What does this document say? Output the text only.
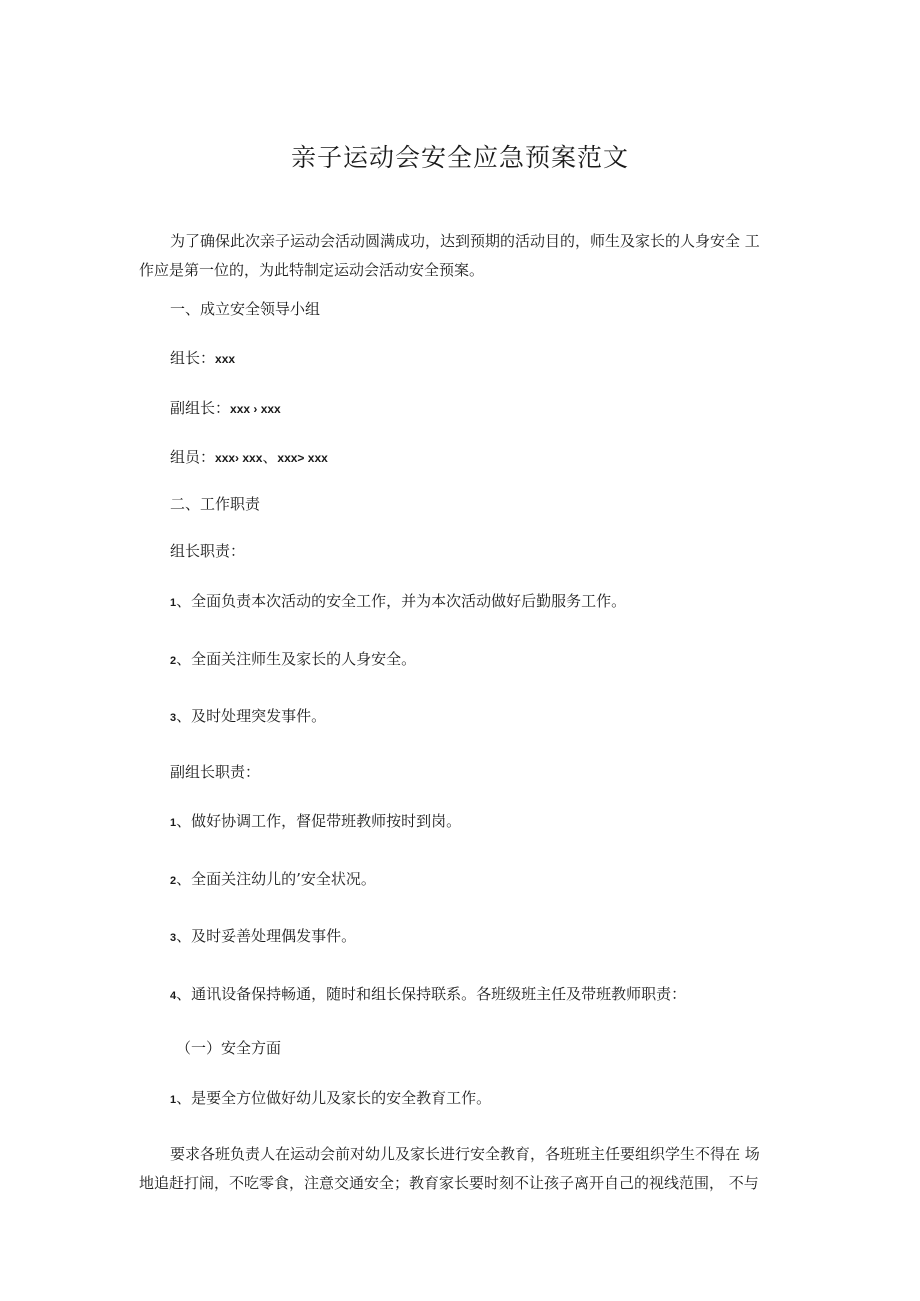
亲子运动会安全应急预案范文
为了确保此次亲子运动会活动圆满成功，达到预期的活动目的，师生及家长的人身安全 工
作应是第一位的，为此特制定运动会活动安全预案。
一、成立安全领导小组
组长：xxx
副组长：xxx › xxx
组员：xxx› xxx、xxx> xxx
二、工作职责
组长职责：
1、全面负责本次活动的安全工作，并为本次活动做好后勤服务工作。
2、全面关注师生及家长的人身安全。
3、及时处理突发事件。
副组长职责：
1、做好协调工作，督促带班教师按时到岗。
2、全面关注幼儿的’安全状况。
3、及时妥善处理偶发事件。
4、通讯设备保持畅通，随时和组长保持联系。各班级班主任及带班教师职责：
（一）安全方面
1、是要全方位做好幼儿及家长的安全教育工作。
要求各班负责人在运动会前对幼儿及家长进行安全教育，各班班主任要组织学生不得在 场
地追赶打闹，不吃零食，注意交通安全；教育家长要时刻不让孩子离开自己的视线范围， 不与
